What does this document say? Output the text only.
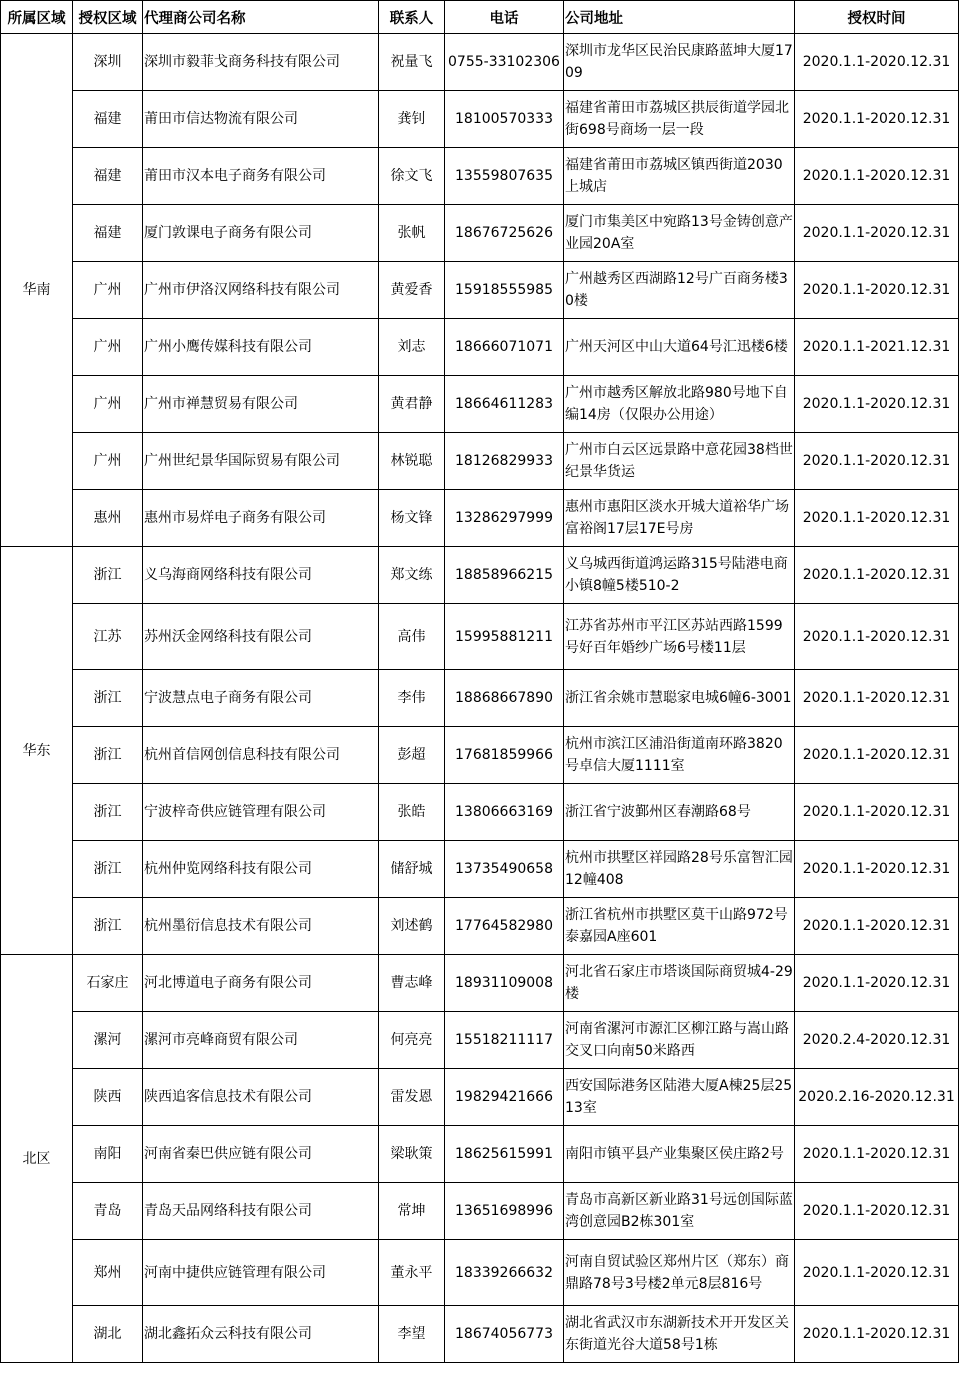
所属区域	授权区域	代理商公司名称	联系人	电话	公司地址	授权时间
华南	深圳	深圳市毅菲戈商务科技有限公司	祝量飞	0755-33102306	深圳市龙华区民治民康路蓝坤大厦1709	2020.1.1-2020.12.31
	福建	莆田市信达物流有限公司	龚钊	18100570333	福建省莆田市荔城区拱辰街道学园北街698号商场一层一段	2020.1.1-2020.12.31
	福建	莆田市汉本电子商务有限公司	徐文飞	13559807635	福建省莆田市荔城区镇西街道2030上城店	2020.1.1-2020.12.31
	福建	厦门敦课电子商务有限公司	张帆	18676725626	厦门市集美区中宛路13号金铸创意产业园20A室	2020.1.1-2020.12.31
	广州	广州市伊洛汉网络科技有限公司	黄爱香	15918555985	广州越秀区西湖路12号广百商务楼30楼	2020.1.1-2020.12.31
	广州	广州小鹰传媒科技有限公司	刘志	18666071071	广州天河区中山大道64号汇迅楼6楼	2020.1.1-2021.12.31
	广州	广州市禅慧贸易有限公司	黄君静	18664611283	广州市越秀区解放北路980号地下自编14房（仅限办公用途）	2020.1.1-2020.12.31
	广州	广州世纪景华国际贸易有限公司	林锐聪	18126829933	广州市白云区远景路中意花园38档世纪景华货运	2020.1.1-2020.12.31
	惠州	惠州市易烊电子商务有限公司	杨文锋	13286297999	惠州市惠阳区淡水开城大道裕华广场富裕阁17层17E号房	2020.1.1-2020.12.31
华东	浙江	义乌海商网络科技有限公司	郑文练	18858966215	义乌城西街道鸿运路315号陆港电商小镇8幢5楼510-2	2020.1.1-2020.12.31
	江苏	苏州沃金网络科技有限公司	高伟	15995881211	江苏省苏州市平江区苏站西路1599号好百年婚纱广场6号楼11层	2020.1.1-2020.12.31
	浙江	宁波慧点电子商务有限公司	李伟	18868667890	浙江省余姚市慧聪家电城6幢6-3001	2020.1.1-2020.12.31
	浙江	杭州首信网创信息科技有限公司	彭超	17681859966	杭州市滨江区浦沿街道南环路3820号卓信大厦1111室	2020.1.1-2020.12.31
	浙江	宁波梓奇供应链管理有限公司	张皓	13806663169	浙江省宁波鄞州区春潮路68号	2020.1.1-2020.12.31
	浙江	杭州仲览网络科技有限公司	储舒城	13735490658	杭州市拱墅区祥园路28号乐富智汇园12幢408	2020.1.1-2020.12.31
	浙江	杭州墨衍信息技术有限公司	刘述鹤	17764582980	浙江省杭州市拱墅区莫干山路972号泰嘉园A座601	2020.1.1-2020.12.31
北区	石家庄	河北博道电子商务有限公司	曹志峰	18931109008	河北省石家庄市塔谈国际商贸城4-29楼	2020.1.1-2020.12.31
	漯河	漯河市亮峰商贸有限公司	何亮亮	15518211117	河南省漯河市源汇区柳江路与嵩山路交叉口向南50米路西	2020.2.4-2020.12.31
	陕西	陕西追客信息技术有限公司	雷发恩	19829421666	西安国际港务区陆港大厦A棟25层2513室	2020.2.16-2020.12.31
	南阳	河南省秦巴供应链有限公司	梁耿策	18625615991	南阳市镇平县产业集聚区侯庄路2号	2020.1.1-2020.12.31
	青岛	青岛天品网络科技有限公司	常坤	13651698996	青岛市高新区新业路31号远创国际蓝湾创意园B2栋301室	2020.1.1-2020.12.31
	郑州	河南中捷供应链管理有限公司	董永平	18339266632	河南自贸试验区郑州片区（郑东）商鼎路78号3号楼2单元8层816号	2020.1.1-2020.12.31
	湖北	湖北鑫拓众云科技有限公司	李望	18674056773	湖北省武汉市东湖新技术开开发区关东街道光谷大道58号1栋	2020.1.1-2020.12.31
